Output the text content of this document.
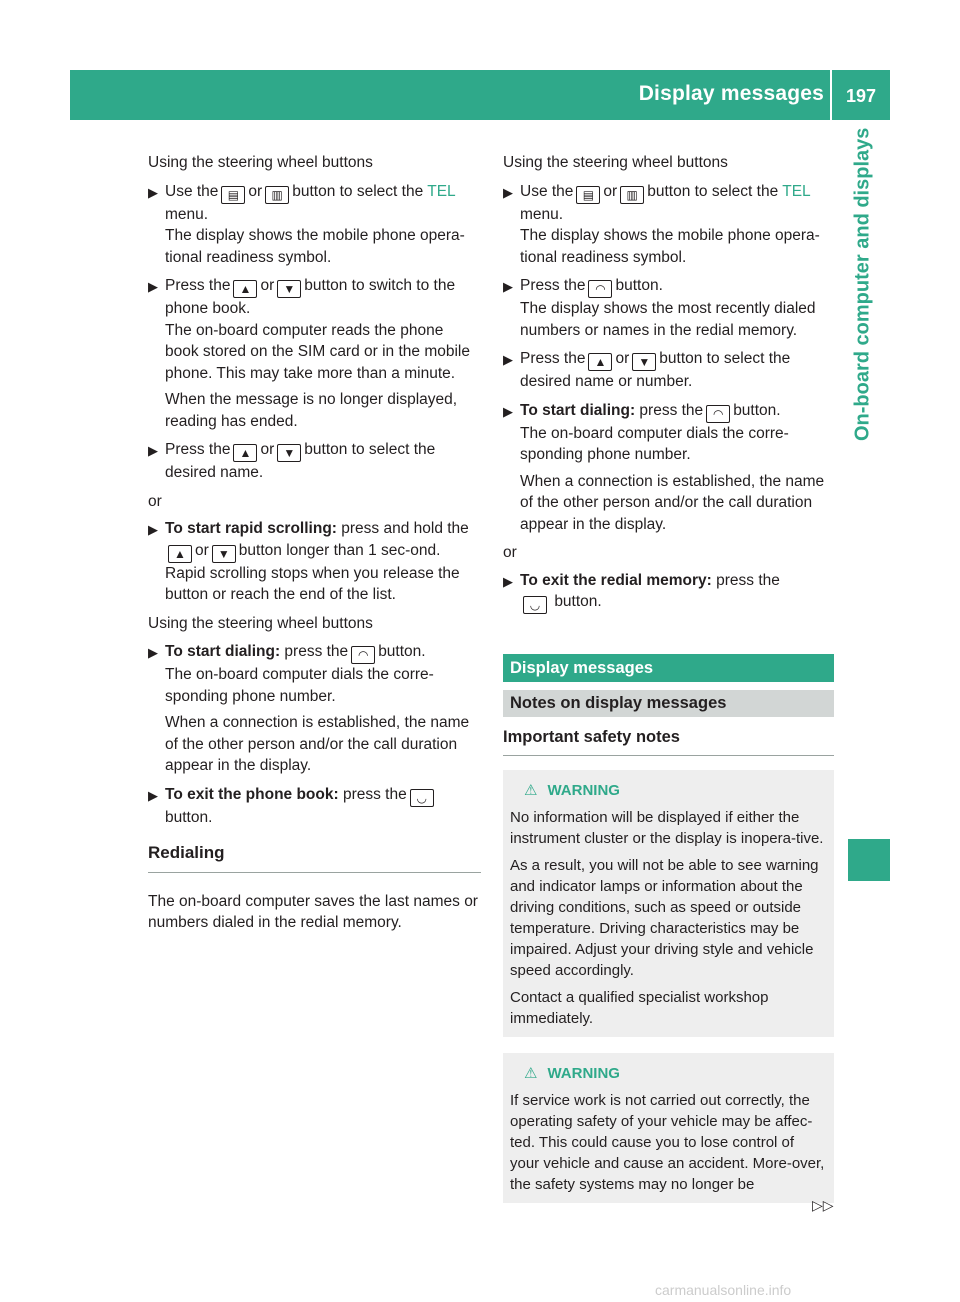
Display messages	197
On-board computer and displays

Using the steering wheel buttons

▶ Use the ▤ or ▥ button to select the TEL menu.
The display shows the mobile phone opera-tional readiness symbol.
▶ Press the ▲ or ▼ button to switch to the phone book.
The on-board computer reads the phone book stored on the SIM card or in the mobile phone. This may take more than a minute.
When the message is no longer displayed, reading has ended.
▶ Press the ▲ or ▼ button to select the desired name.

or

▶ To start rapid scrolling: press and hold the▲ or ▼ button longer than 1 sec-ond.
Rapid scrolling stops when you release the button or reach the end of the list.

Using the steering wheel buttons

▶ To start dialing: press the ◠ button.
The on-board computer dials the corre-sponding phone number.
When a connection is established, the name of the other person and/or the call duration appear in the display.
▶ To exit the phone book: press the ◡ button.
Redialing

The on-board computer saves the last names or numbers dialed in the redial memory.

Using the steering wheel buttons

▶ Use the ▤ or ▥ button to select the TEL menu.
The display shows the mobile phone opera-tional readiness symbol.
▶ Press the ◠ button.
The display shows the most recently dialed numbers or names in the redial memory.
▶ Press the ▲ or ▼ button to select the desired name or number.
▶ To start dialing: press the ◠ button.
The on-board computer dials the corre-sponding phone number.
When a connection is established, the name of the other person and/or the call duration appear in the display.

or

▶ To exit the redial memory: press the
◡ button.
Display messages
Notes on display messages
Important safety notes
⚠ WARNING

No information will be displayed if either the instrument cluster or the display is inopera-tive.

As a result, you will not be able to see warning and indicator lamps or information about the driving conditions, such as speed or outside temperature. Driving characteristics may be impaired. Adjust your driving style and vehicle speed accordingly.

Contact a qualified specialist workshop immediately.

⚠ WARNING

If service work is not carried out correctly, the operating safety of your vehicle may be affec-ted. This could cause you to lose control of your vehicle and cause an accident. More-over, the safety systems may no longer be

▷▷
carmanualsonline.info
